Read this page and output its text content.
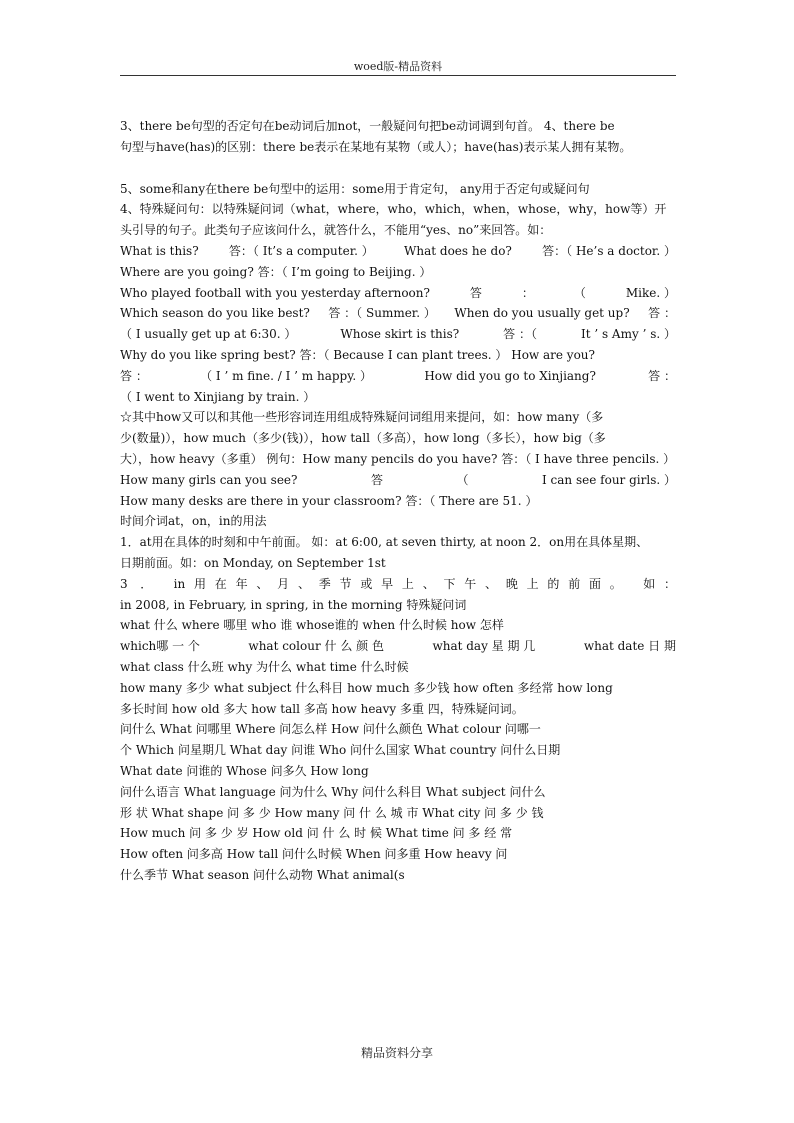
woed版-精品资料

3、there be句型的否定句在be动词后加not，一般疑问句把be动词调到句首。 4、there be

句型与have(has)的区别：there be表示在某地有某物（或人）；have(has)表示某人拥有某物。

5、some和any在there be句型中的运用：some用于肯定句， any用于否定句或疑问句

4、特殊疑问句：以特殊疑问词（what，where，who，which，when，whose，why，how等）开

头引导的句子。此类句子应该问什么，就答什么，不能用“yes、no”来回答。如：

What is this?	答：（ It’s a computer. ）	What does he do?	答：（ He’s a doctor. ）

Where are you going? 答：（ I’m going to Beijing. ）

Who played football with you yesterday afternoon?	答	：	（	Mike. ）
Which season do you like best? 答 ：（ Summer. ） When do you usually get up? 答 ：
（ I usually get up at 6:30. ）	Whose skirt is this?	答 ：（	It ’ s Amy ’ s. ）

Why do you like spring best? 答：（ Because I can plant trees. ） How are you?

答 ：	（ I ’ m fine. / I ’ m happy. ）	How did you go to Xinjiang?	答 ：

（ I went to Xinjiang by train. ）

☆其中how又可以和其他一些形容词连用组成特殊疑问词组用来提问，如：how many（多

少(数量)），how much（多少(钱)），how tall（多高），how long（多长），how big（多

大），how heavy（多重） 例句：How many pencils do you have? 答：（ I have three pencils. ）

How many girls can you see?	答	（	I can see four girls. ）

How many desks are there in your classroom? 答：（ There are 51. ）

时间介词at，on，in的用法

1．at用在具体的时刻和中午前面。 如：at 6:00, at seven thirty, at noon 2．on用在具体星期、

日期前面。如：on Monday, on September 1st

3 ． in用在年、月、季节或早上、下午、晚上的前面。 如：

in 2008, in February, in spring, in the morning 特殊疑问词

what 什么 where 哪里 who 谁 whose谁的 when 什么时候 how 怎样

which哪 一 个	what colour 什 么 颜 色	what day 星 期 几	what date 日 期

what class 什么班 why 为什么 what time 什么时候

how many 多少 what subject 什么科目 how much 多少钱 how often 多经常 how long

多长时间 how old 多大 how tall 多高 how heavy 多重 四，特殊疑问词。

问什么 What 问哪里 Where 问怎么样 How 问什么颜色 What colour 问哪一

个 Which 问星期几 What day 问谁 Who 问什么国家 What country 问什么日期

What date 问谁的 Whose 问多久 How long

问什么语言 What language 问为什么 Why 问什么科目 What subject 问什么

形 状 What shape 问 多 少 How many 问 什 么 城 市 What city 问 多 少 钱

How much 问 多 少 岁 How old 问 什 么 时 候 What time 问 多 经 常

How often 问多高 How tall 问什么时候 When 问多重 How heavy 问

什么季节 What season 问什么动物 What animal(s

精品资料分享
